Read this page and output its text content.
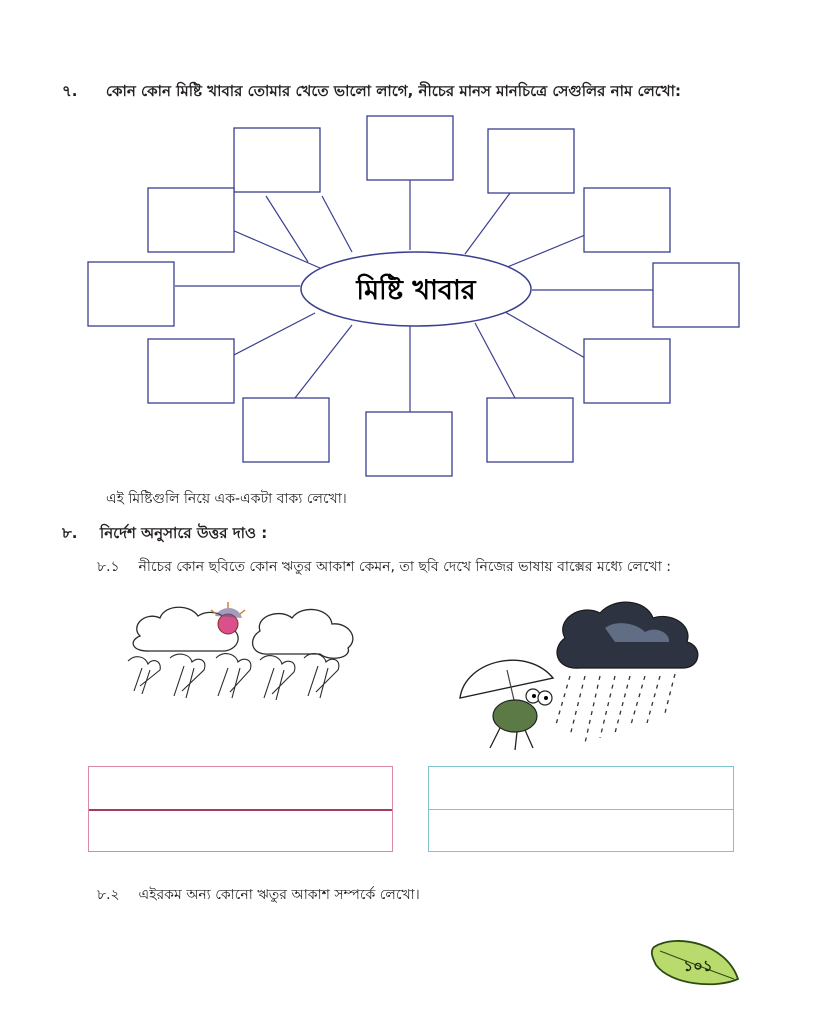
৭. কোন কোন মিষ্টি খাবার তোমার খেতে ভালো লাগে, নীচের মানস মানচিত্রে সেগুলির নাম লেখো:
মিষ্টি খাবার
এই মিষ্টিগুলি নিয়ে এক-একটা বাক্য লেখো।
৮. নির্দেশ অনুসারে উত্তর দাও :
৮.১ নীচের কোন ছবিতে কোন ঋতুর আকাশ কেমন, তা ছবি দেখে নিজের ভাষায় বাক্সের মধ্যে লেখো :
৮.২ এইরকম অন্য কোনো ঋতুর আকাশ সম্পর্কে লেখো।
১০১
